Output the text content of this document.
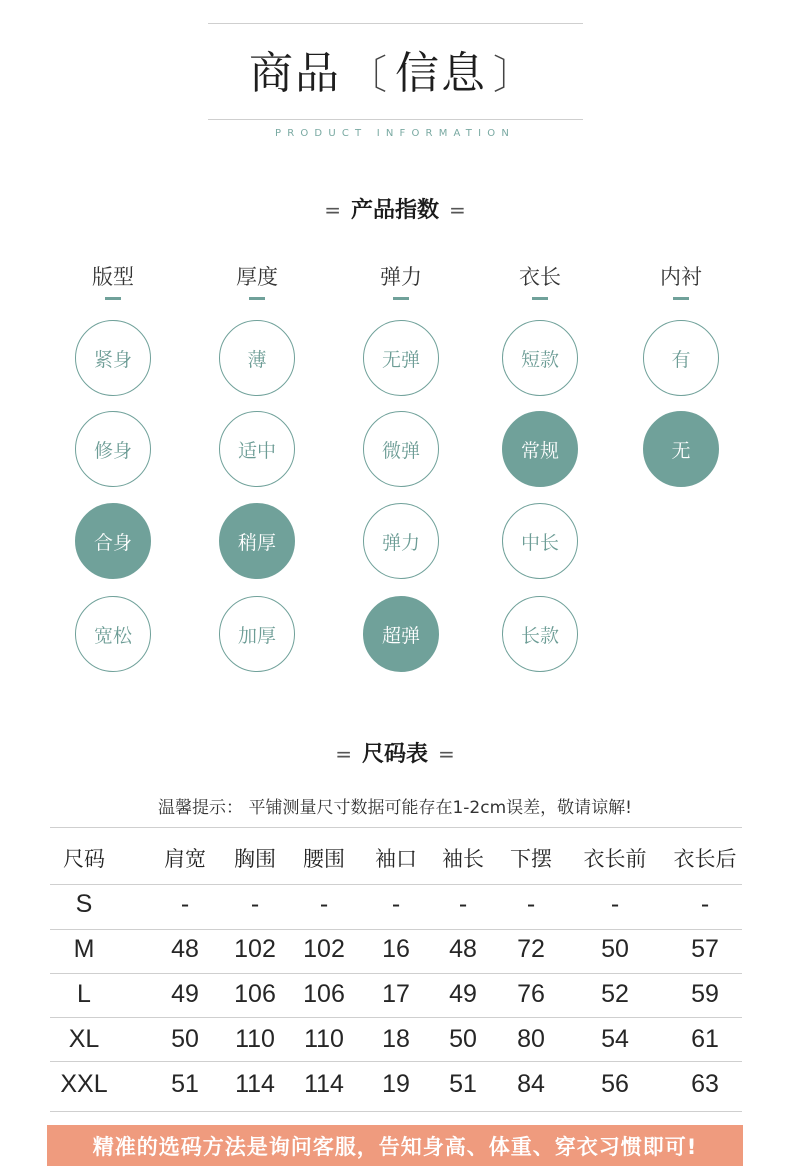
商品 〔 信息 〕
PRODUCT INFORMATION
= 产品指数 =
版型
紧身
修身
合身
宽松
厚度
薄
适中
稍厚
加厚
弹力
无弹
微弹
弹力
超弹
衣长
短款
常规
中长
长款
内衬
有
无
= 尺码表 =
温馨提示： 平铺测量尺寸数据可能存在1-2cm误差，敬请谅解!
尺码	肩宽	胸围	腰围	袖口	袖长	下摆	衣长前	衣长后
S	-	-	-	-	-	-	-	-
M	48	102	102	16	48	72	50	57
L	49	106	106	17	49	76	52	59
XL	50	110	110	18	50	80	54	61
XXL	51	114	114	19	51	84	56	63
精准的选码方法是询问客服，告知身高、体重、穿衣习惯即可!
